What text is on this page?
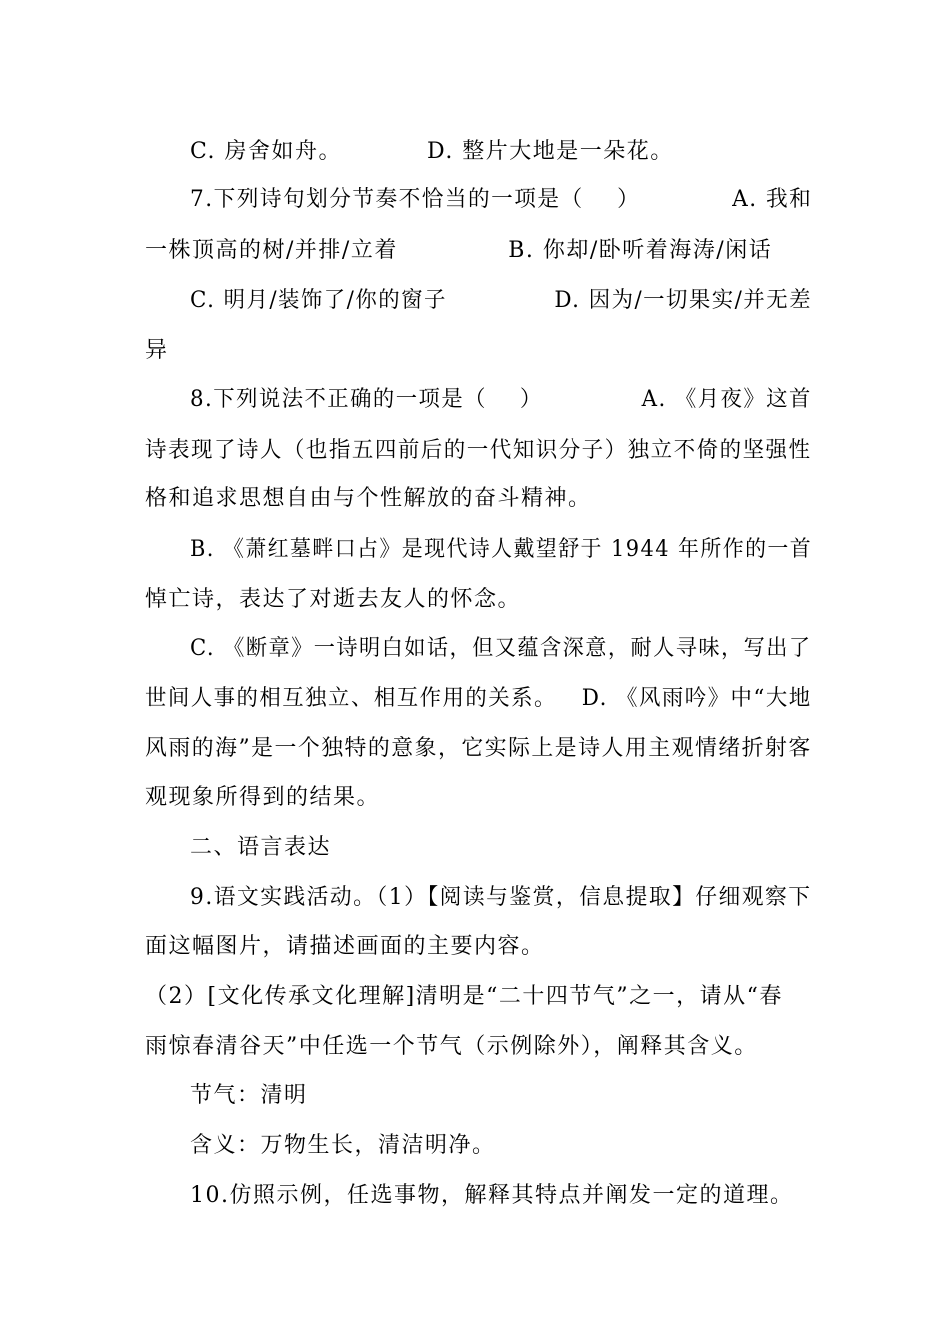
C. 房舍如舟。          D. 整片大地是一朵花。
7.下列诗句划分节奏不恰当的一项是（    ）           A. 我和
一株顶高的树/并排/立着             B. 你却/卧听着海涛/闲话
C. 明月/装饰了/你的窗子             D. 因为/一切果实/并无差
异
8.下列说法不正确的一项是（    ）            A. 《月夜》这首
诗表现了诗人（也指五四前后的一代知识分子）独立不倚的坚强性
格和追求思想自由与个性解放的奋斗精神。
B. 《萧红墓畔口占》是现代诗人戴望舒于 1944 年所作的一首
悼亡诗，表达了对逝去友人的怀念。
C. 《断章》一诗明白如话，但又蕴含深意，耐人寻味，写出了
世间人事的相互独立、相互作用的关系。   D. 《风雨吟》中“大地
风雨的海”是一个独特的意象，它实际上是诗人用主观情绪折射客
观现象所得到的结果。
二、语言表达
9.语文实践活动。（1）【阅读与鉴赏，信息提取】仔细观察下
面这幅图片，请描述画面的主要内容。
（2）[文化传承文化理解]清明是“二十四节气”之一，请从“春
雨惊春清谷天”中任选一个节气（示例除外），阐释其含义。
节气：清明
含义：万物生长，清洁明净。
10.仿照示例，任选事物，解释其特点并阐发一定的道理。
